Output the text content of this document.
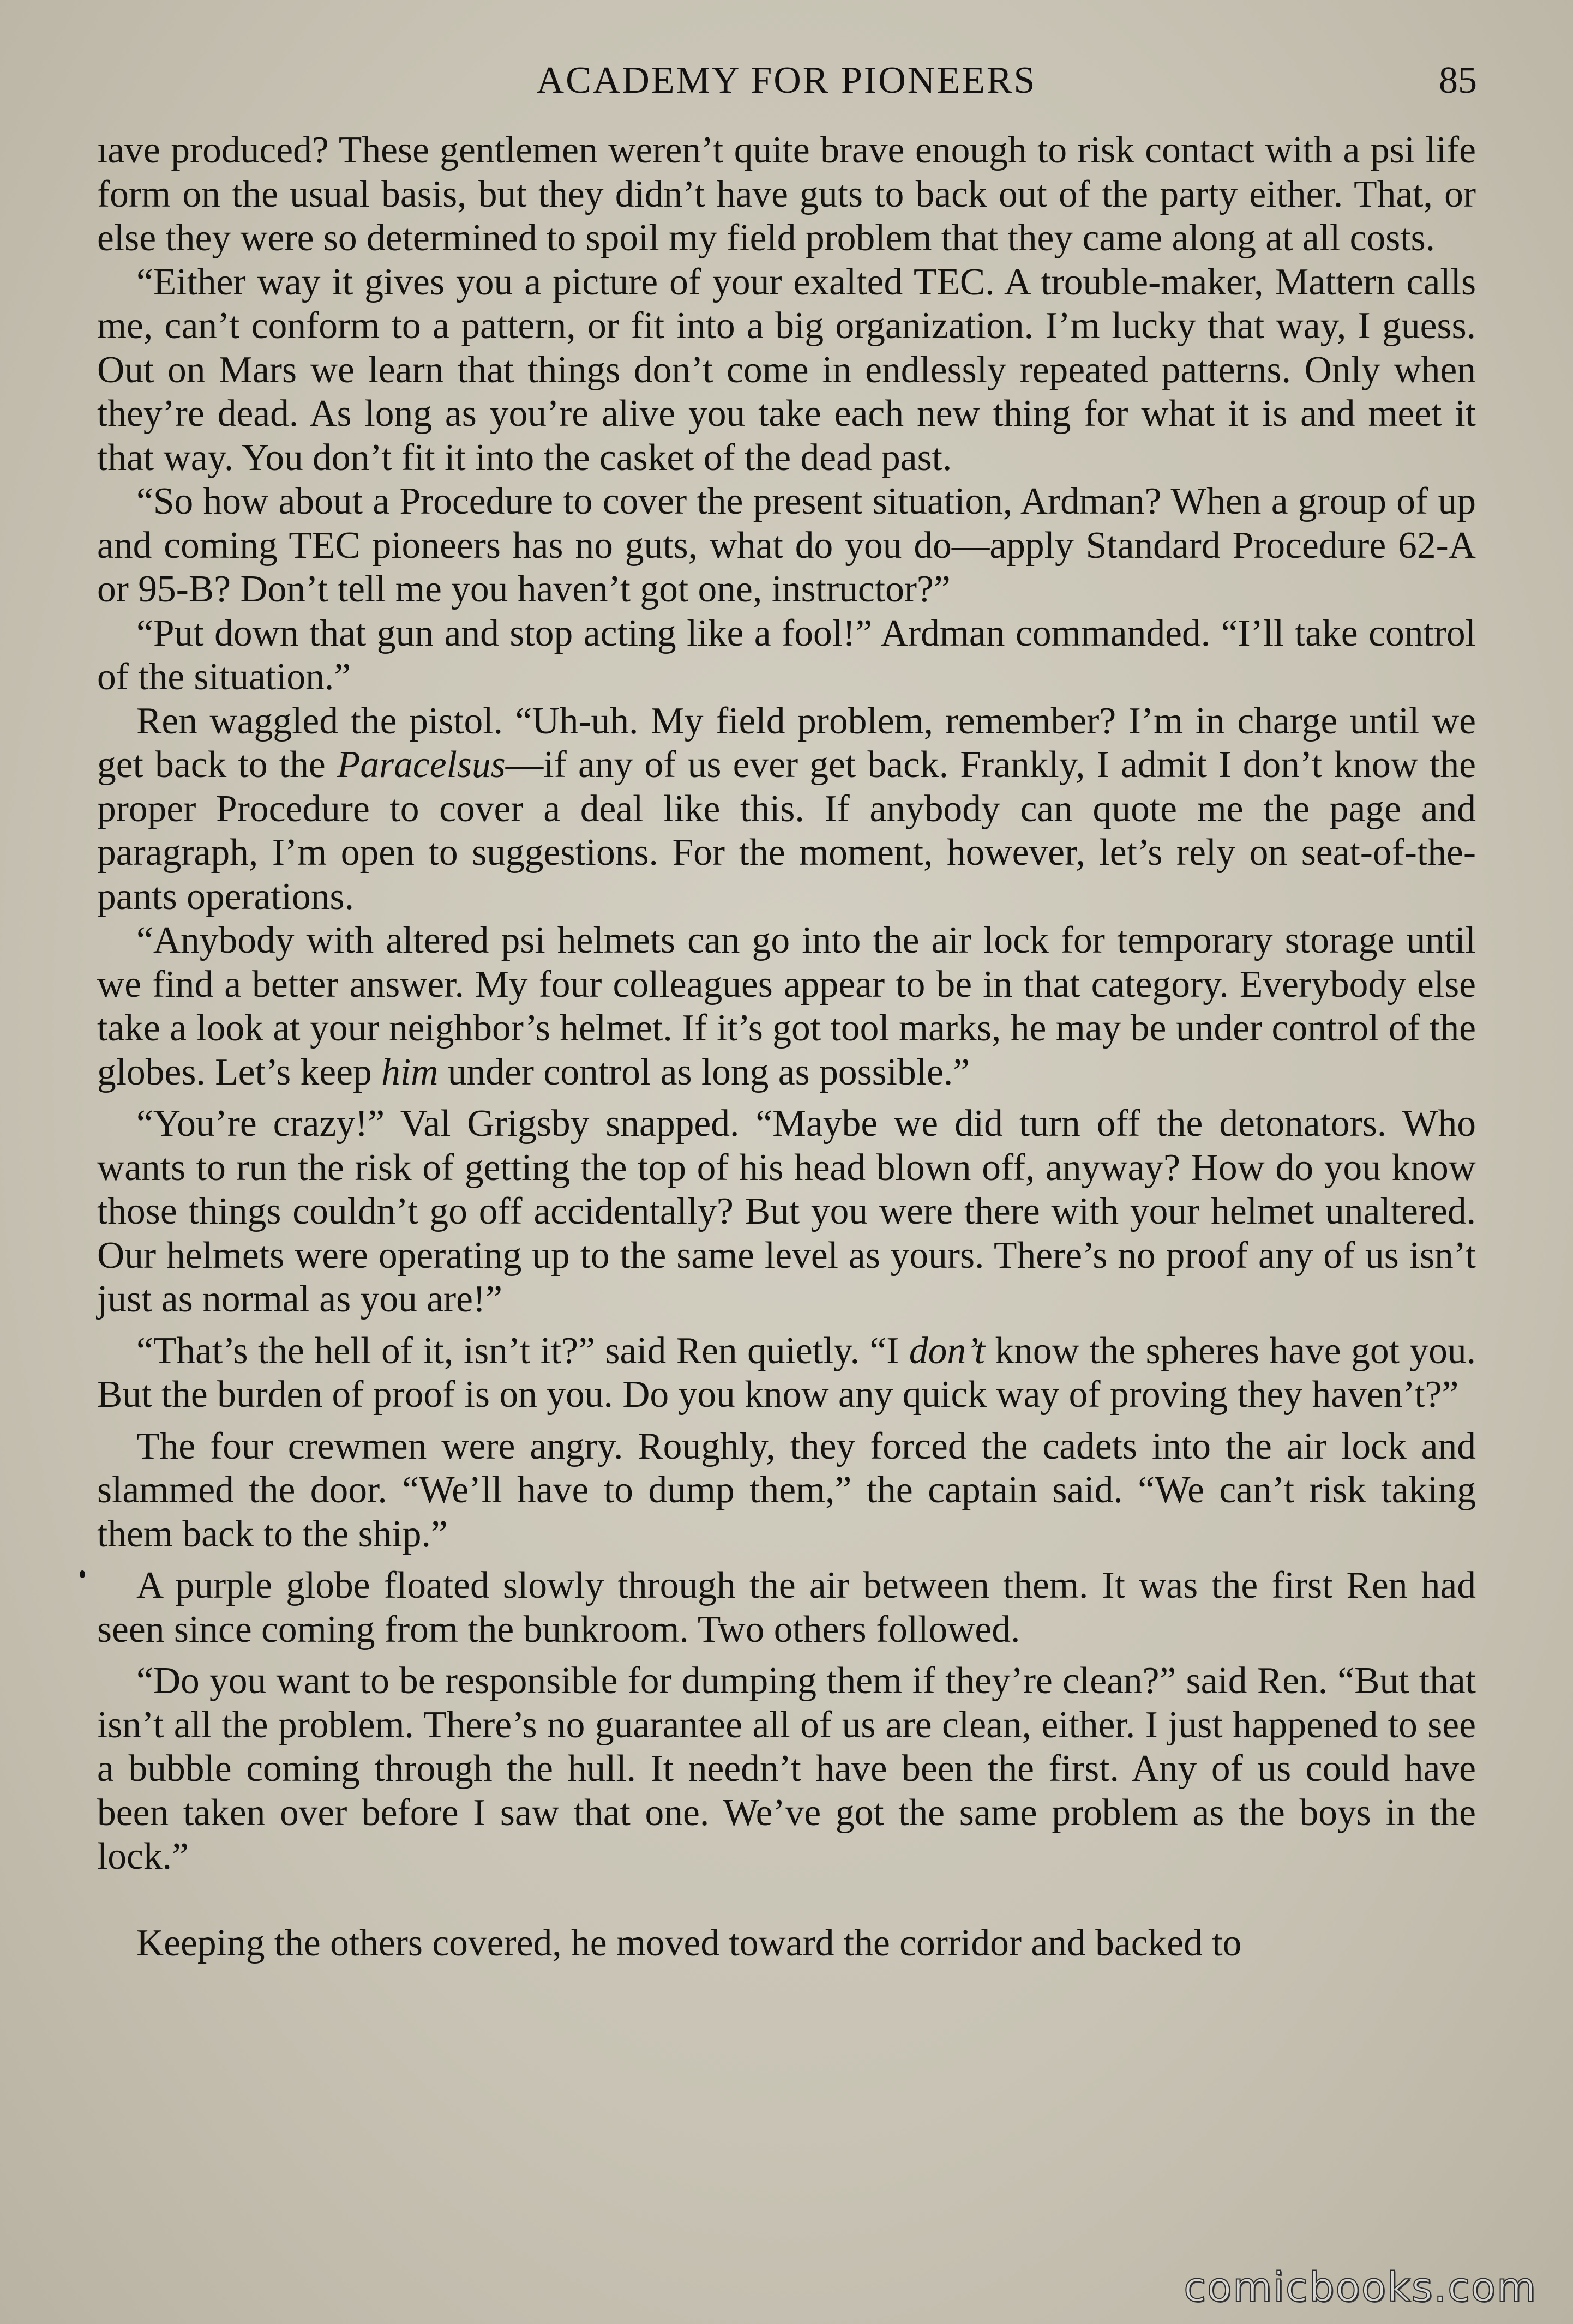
ACADEMY FOR PIONEERS	85

ıave produced? These gentlemen weren’t quite brave enough to risk contact with a psi life form on the usual basis, but they didn’t have guts to back out of the party either. That, or else they were so determined to spoil my field problem that they came along at all costs.

“Either way it gives you a picture of your exalted TEC. A trouble-maker, Mattern calls me, can’t conform to a pattern, or fit into a big organization. I’m lucky that way, I guess. Out on Mars we learn that things don’t come in endlessly repeated patterns. Only when they’re dead. As long as you’re alive you take each new thing for what it is and meet it that way. You don’t fit it into the casket of the dead past.

“So how about a Procedure to cover the present situation, Ardman? When a group of up and coming TEC pioneers has no guts, what do you do—apply Standard Procedure 62-A or 95-B? Don’t tell me you haven’t got one, instructor?”

“Put down that gun and stop acting like a fool!” Ardman commanded. “I’ll take control of the situation.”

Ren waggled the pistol. “Uh-uh. My field problem, remember? I’m in charge until we get back to the Paracelsus—if any of us ever get back. Frankly, I admit I don’t know the proper Procedure to cover a deal like this. If anybody can quote me the page and paragraph, I’m open to suggestions. For the moment, however, let’s rely on seat-of-the-pants operations.

“Anybody with altered psi helmets can go into the air lock for temporary storage until we find a better answer. My four colleagues appear to be in that category. Everybody else take a look at your neighbor’s helmet. If it’s got tool marks, he may be under control of the globes. Let’s keep him under control as long as possible.”

“You’re crazy!” Val Grigsby snapped. “Maybe we did turn off the detonators. Who wants to run the risk of getting the top of his head blown off, anyway? How do you know those things couldn’t go off accidentally? But you were there with your helmet unaltered. Our helmets were operating up to the same level as yours. There’s no proof any of us isn’t just as normal as you are!”

“That’s the hell of it, isn’t it?” said Ren quietly. “I don’t know the spheres have got you. But the burden of proof is on you. Do you know any quick way of proving they haven’t?”

The four crewmen were angry. Roughly, they forced the cadets into the air lock and slammed the door. “We’ll have to dump them,” the captain said. “We can’t risk taking them back to the ship.”

A purple globe floated slowly through the air between them. It was the first Ren had seen since coming from the bunkroom. Two others followed.

“Do you want to be responsible for dumping them if they’re clean?” said Ren. “But that isn’t all the problem. There’s no guarantee all of us are clean, either. I just happened to see a bubble coming through the hull. It needn’t have been the first. Any of us could have been taken over before I saw that one. We’ve got the same problem as the boys in the lock.”

Keeping the others covered, he moved toward the corridor and backed to

comicbooks.com
